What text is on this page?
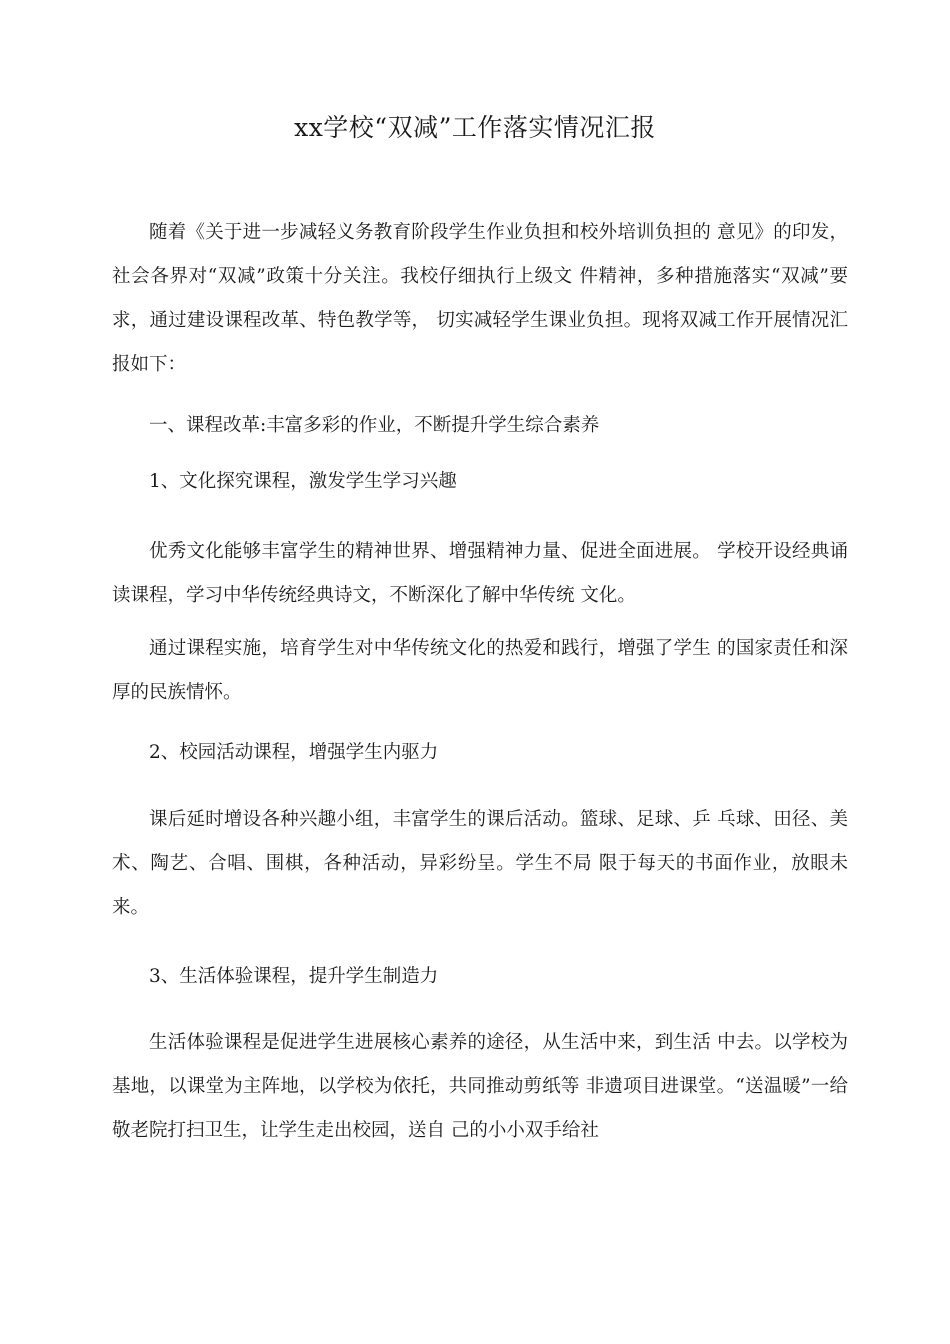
xx学校“双减”工作落实情况汇报

随着《关于进一步减轻义务教育阶段学生作业负担和校外培训负担的 意见》的印发，社会各界对“双减”政策十分关注。我校仔细执行上级文 件精神，多种措施落实“双减”要求，通过建设课程改革、特色教学等， 切实减轻学生课业负担。现将双减工作开展情况汇报如下：

一、课程改革:丰富多彩的作业，不断提升学生综合素养

1、文化探究课程，激发学生学习兴趣

优秀文化能够丰富学生的精神世界、增强精神力量、促进全面进展。 学校开设经典诵读课程，学习中华传统经典诗文，不断深化了解中华传统 文化。

通过课程实施，培育学生对中华传统文化的热爱和践行，增强了学生 的国家责任和深厚的民族情怀。

2、校园活动课程，增强学生内驱力

课后延时增设各种兴趣小组，丰富学生的课后活动。篮球、足球、乒 乓球、田径、美术、陶艺、合唱、围棋，各种活动，异彩纷呈。学生不局 限于每天的书面作业，放眼未来。

3、生活体验课程，提升学生制造力

生活体验课程是促进学生进展核心素养的途径，从生活中来，到生活 中去。以学校为基地，以课堂为主阵地，以学校为依托，共同推动剪纸等 非遗项目进课堂。“送温暖”一给敬老院打扫卫生，让学生走出校园，送自 己的小小双手给社
